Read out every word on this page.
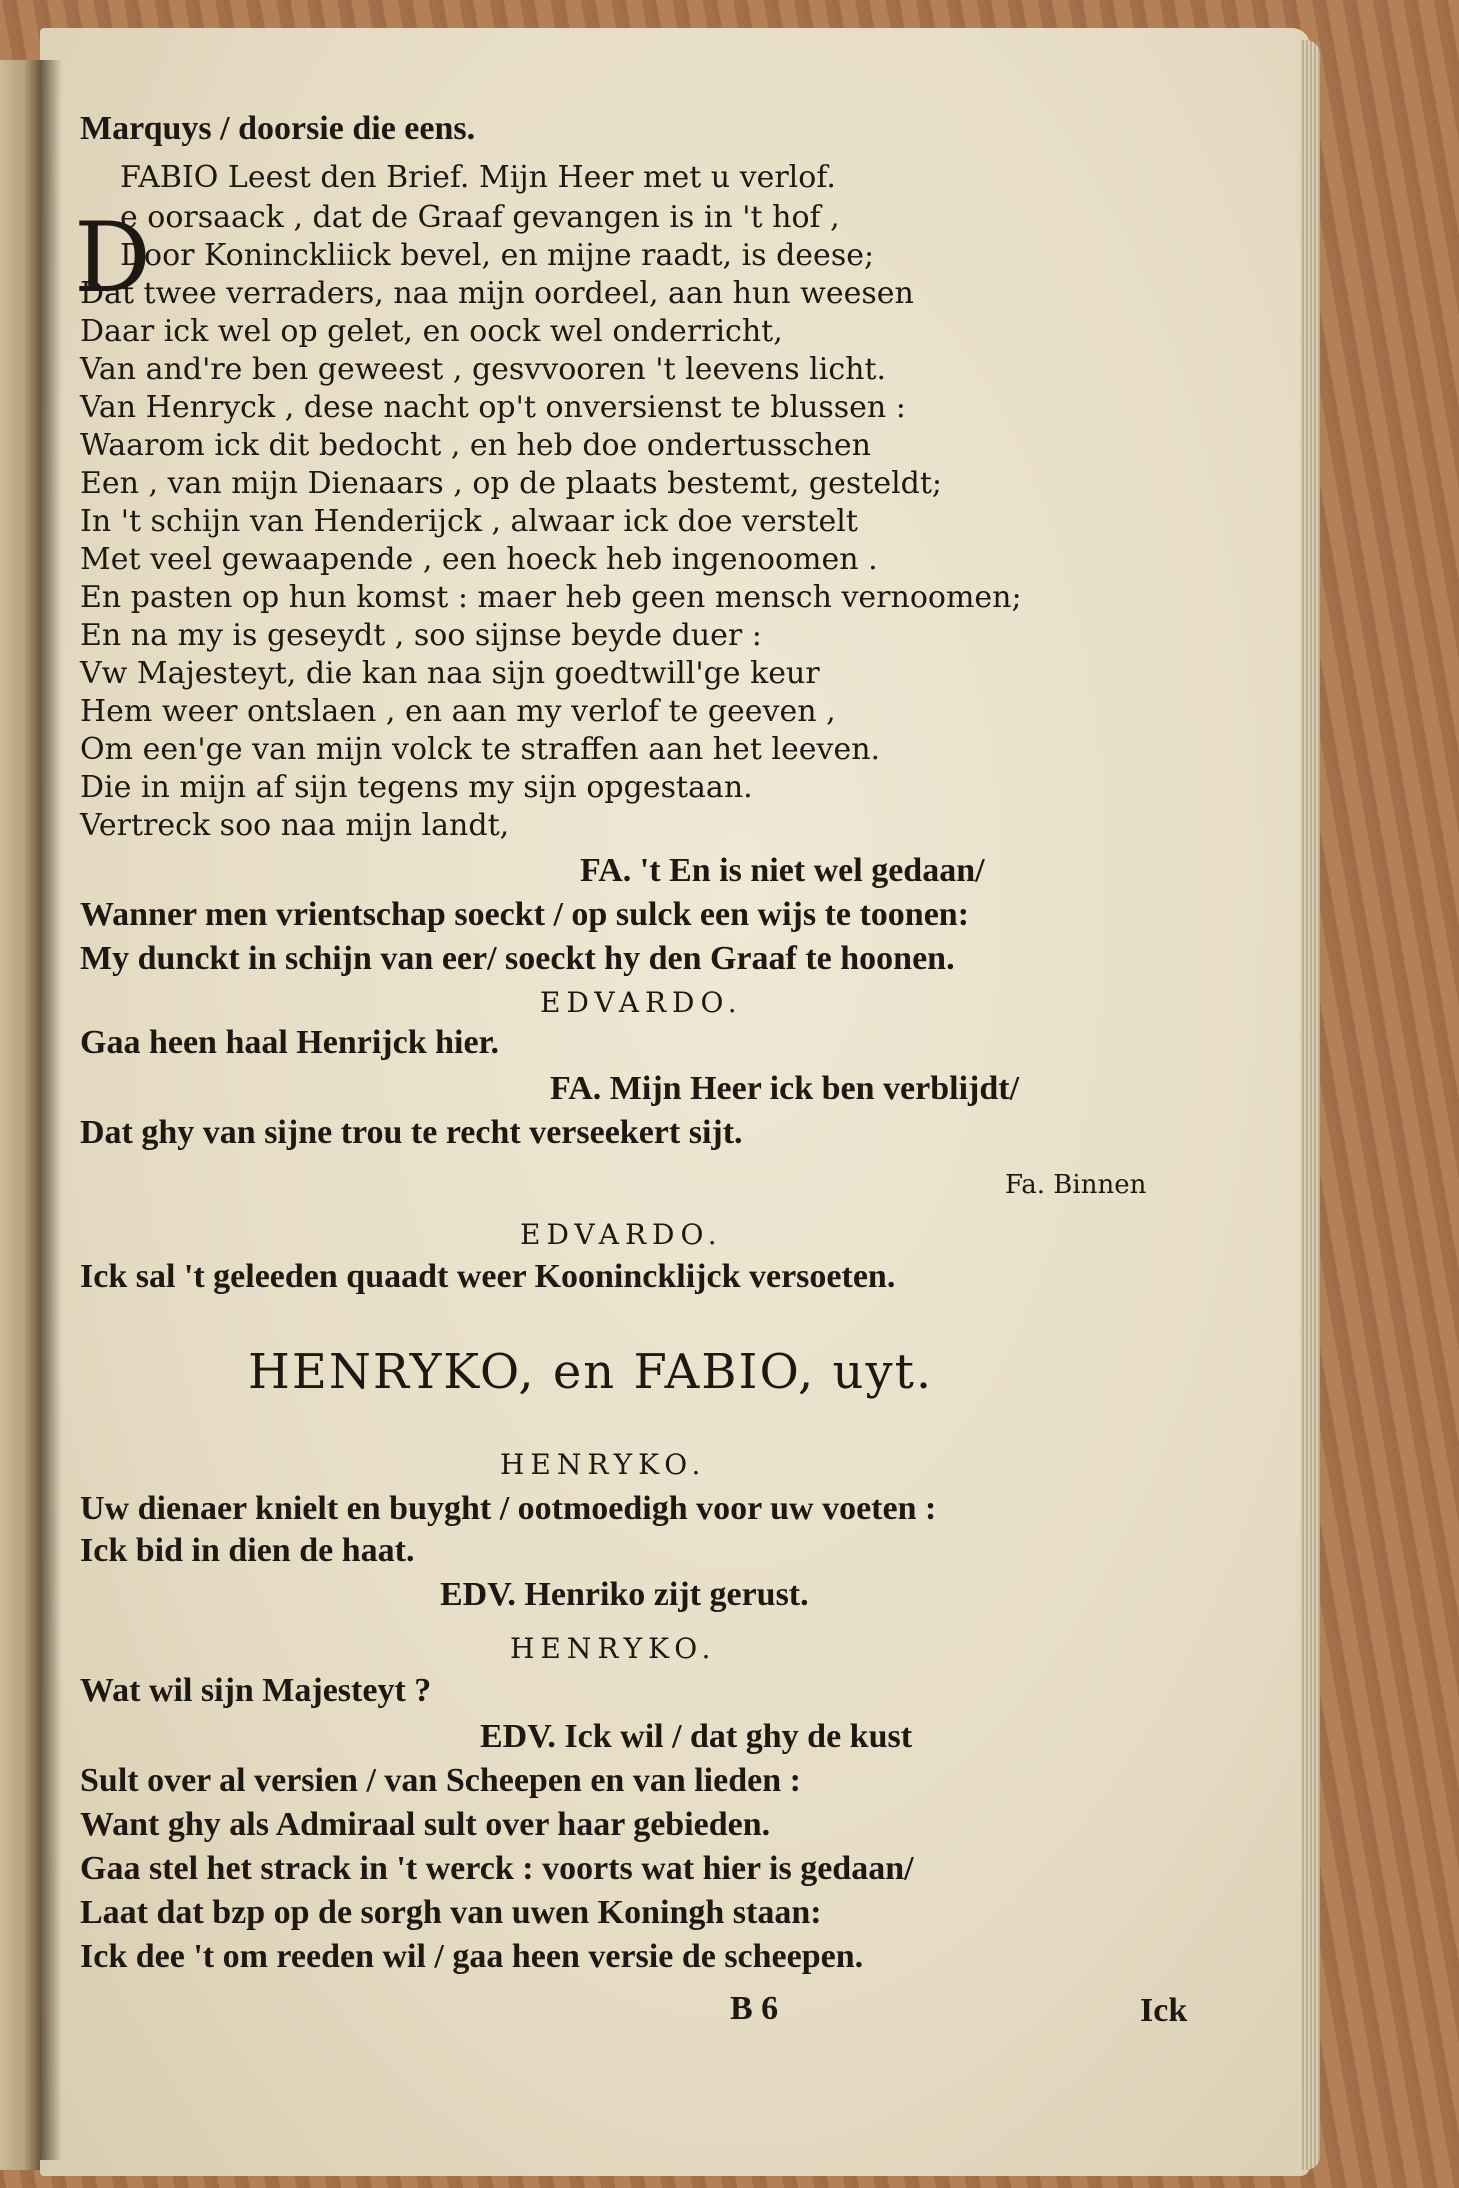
Marquys / doorsie die eens.
FABIO Leest den Brief. Mijn Heer met u verlof.
D
e oorsaack , dat de Graaf gevangen is in 't hof ,
Door Koninckliick bevel, en mijne raadt, is deese;
Dat twee verraders, naa mijn oordeel, aan hun weesen
Daar ick wel op gelet, en oock wel onderricht,
Van and're ben geweest , gesvvooren 't leevens licht.
Van Henryck , dese nacht op't onversienst te blussen :
Waarom ick dit bedocht , en heb doe ondertusschen
Een , van mijn Dienaars , op de plaats bestemt, gesteldt;
In 't schijn van Henderijck , alwaar ick doe verstelt
Met veel gewaapende , een hoeck heb ingenoomen .
En pasten op hun komst : maer heb geen mensch vernoomen;
En na my is geseydt , soo sijnse beyde duer :
Vw Majesteyt, die kan naa sijn goedtwill'ge keur
Hem weer ontslaen , en aan my verlof te geeven ,
Om een'ge van mijn volck te straffen aan het leeven.
Die in mijn af sijn tegens my sijn opgestaan.
Vertreck soo naa mijn landt,
FA. 't En is niet wel gedaan/
Wanner men vrientschap soeckt / op sulck een wijs te toonen:
My dunckt in schijn van eer/ soeckt hy den Graaf te hoonen.
EDVARDO.
Gaa heen haal Henrijck hier.
FA. Mijn Heer ick ben verblijdt/
Dat ghy van sijne trou te recht verseekert sijt.
Fa. Binnen
EDVARDO.
Ick sal 't geleeden quaadt weer Koonincklijck versoeten.
HENRYKO, en FABIO, uyt.
HENRYKO.
Uw dienaer knielt en buyght / ootmoedigh voor uw voeten :
Ick bid in dien de haat.
EDV. Henriko zijt gerust.
HENRYKO.
Wat wil sijn Majesteyt ?
EDV. Ick wil / dat ghy de kust
Sult over al versien / van Scheepen en van lieden :
Want ghy als Admiraal sult over haar gebieden.
Gaa stel het strack in 't werck : voorts wat hier is gedaan/
Laat dat bzp op de sorgh van uwen Koningh staan:
Ick dee 't om reeden wil / gaa heen versie de scheepen.
B 6	Ick
